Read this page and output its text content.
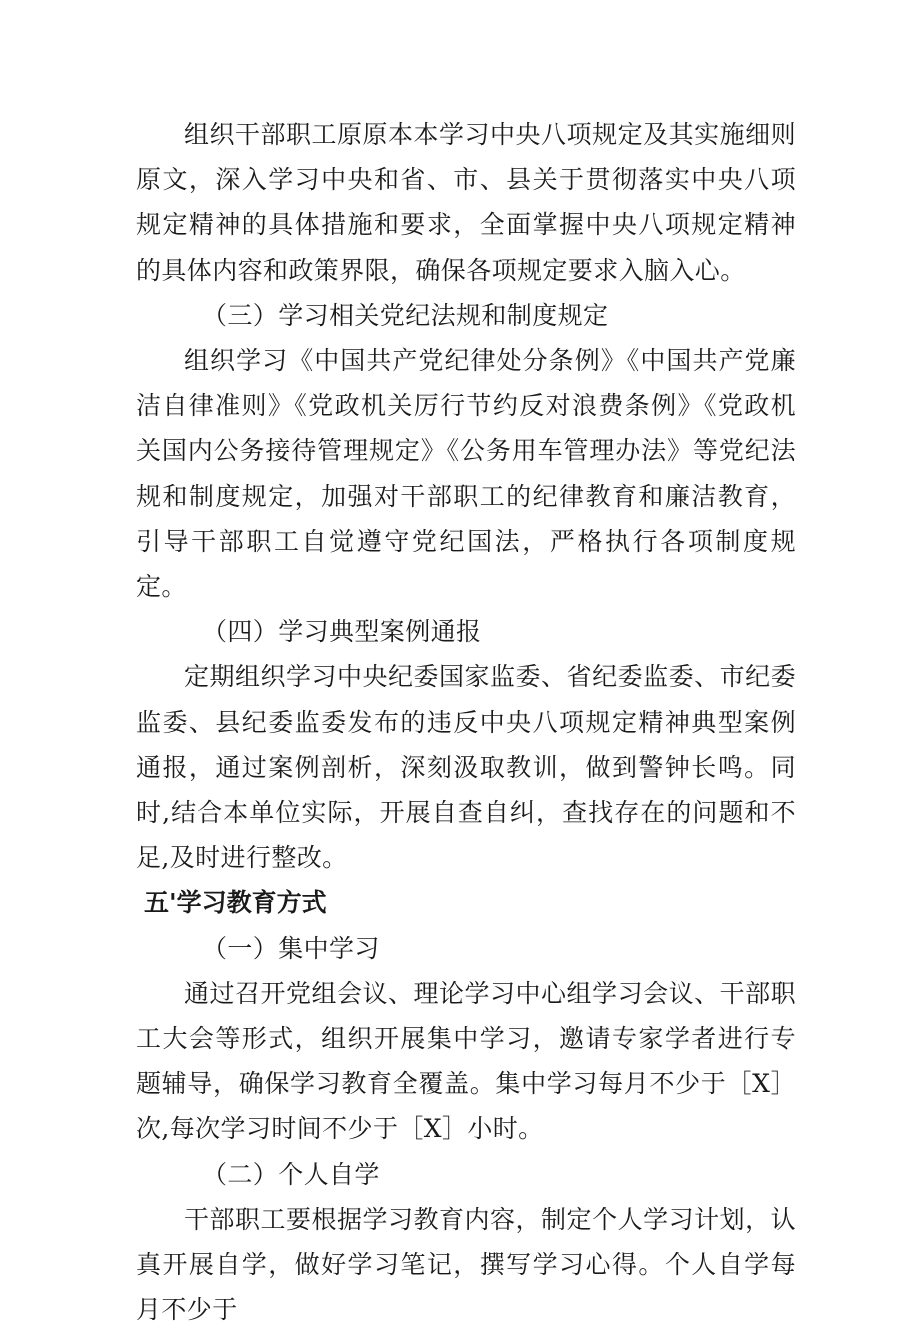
组织干部职工原原本本学习中央八项规定及其实施细则原文，深入学习中央和省、市、县关于贯彻落实中央八项规定精神的具体措施和要求，全面掌握中央八项规定精神的具体内容和政策界限，确保各项规定要求入脑入心。

（三）学习相关党纪法规和制度规定

组织学习《中国共产党纪律处分条例》《中国共产党廉洁自律准则》《党政机关厉行节约反对浪费条例》《党政机关国内公务接待管理规定》《公务用车管理办法》等党纪法规和制度规定，加强对干部职工的纪律教育和廉洁教育，引导干部职工自觉遵守党纪国法，严格执行各项制度规定。

（四）学习典型案例通报

定期组织学习中央纪委国家监委、省纪委监委、市纪委监委、县纪委监委发布的违反中央八项规定精神典型案例通报，通过案例剖析，深刻汲取教训，做到警钟长鸣。同时,结合本单位实际，开展自查自纠，查找存在的问题和不足,及时进行整改。

五'学习教育方式

（一）集中学习

通过召开党组会议、理论学习中心组学习会议、干部职工大会等形式，组织开展集中学习，邀请专家学者进行专题辅导，确保学习教育全覆盖。集中学习每月不少于［X］次,每次学习时间不少于［X］小时。

（二）个人自学

干部职工要根据学习教育内容，制定个人学习计划，认真开展自学，做好学习笔记，撰写学习心得。个人自学每月不少于
